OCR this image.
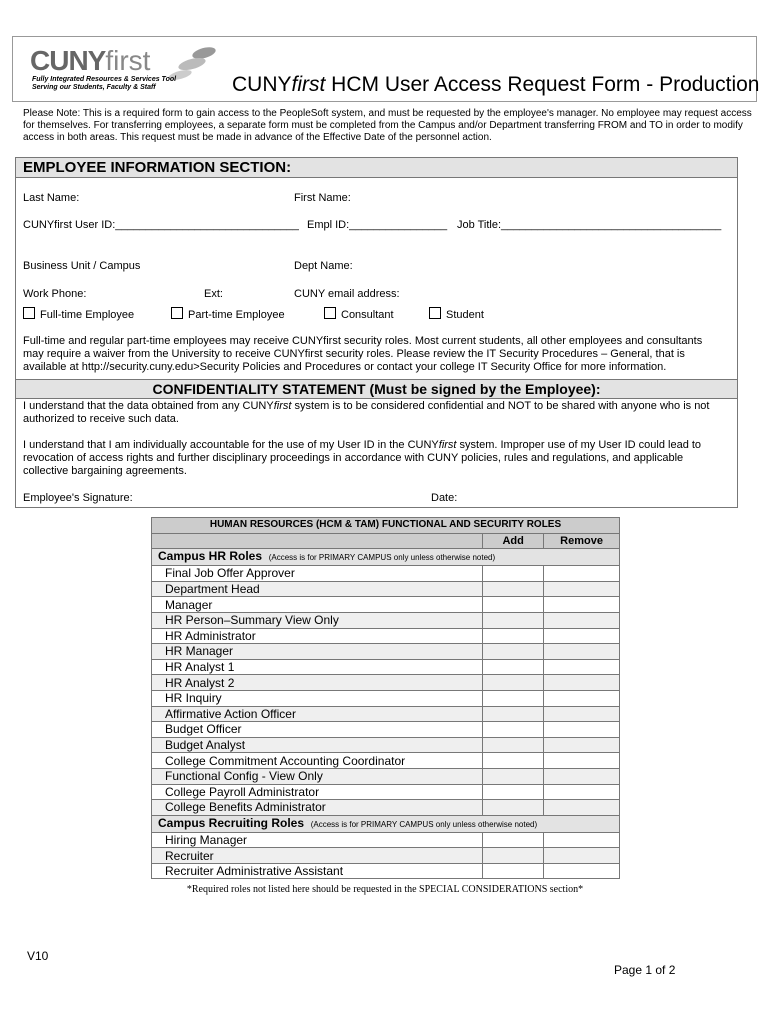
CUNYfirst
Fully Integrated Resources & Services Tool
Serving our Students, Faculty & Staff	CUNYfirst HCM User Access Request Form - Production
Please Note: This is a required form to gain access to the PeopleSoft system, and must be requested by the employee's manager. No employee may request access
for themselves. For transferring employees, a separate form must be completed from the Campus and/or Department transferring FROM and TO in order to modify
access in both areas. This request must be made in advance of the Effective Date of the personnel action.
EMPLOYEE INFORMATION SECTION:
Last Name:	First Name:
CUNYfirst User ID:______________________________ Empl ID:________________ Job Title:____________________________________
Business Unit / Campus	Dept Name:
Work Phone:	Ext:	CUNY email address:
Full-time Employee	Part-time Employee	Consultant	Student
Full-time and regular part-time employees may receive CUNYfirst security roles. Most current students, all other employees and consultants
may require a waiver from the University to receive CUNYfirst security roles. Please review the IT Security Procedures – General, that is
available at http://security.cuny.edu>Security Policies and Procedures or contact your college IT Security Office for more information.
CONFIDENTIALITY STATEMENT (Must be signed by the Employee):
I understand that the data obtained from any CUNYfirst system is to be considered confidential and NOT to be shared with anyone who is not
authorized to receive such data.
I understand that I am individually accountable for the use of my User ID in the CUNYfirst system. Improper use of my User ID could lead to
revocation of access rights and further disciplinary proceedings in accordance with CUNY policies, rules and regulations, and applicable
collective bargaining agreements.
Employee's Signature:	Date:
HUMAN RESOURCES (HCM & TAM) FUNCTIONAL AND SECURITY ROLES		
	Add	Remove
Campus HR Roles (Access is for PRIMARY CAMPUS only unless otherwise noted)		
Final Job Offer Approver		
Department Head		
Manager		
HR Person–Summary View Only		
HR Administrator		
HR Manager		
HR Analyst 1		
HR Analyst 2		
HR Inquiry		
Affirmative Action Officer		
Budget Officer		
Budget Analyst		
College Commitment Accounting Coordinator		
Functional Config - View Only		
College Payroll Administrator		
College Benefits Administrator		
Campus Recruiting Roles (Access is for PRIMARY CAMPUS only unless otherwise noted)		
Hiring Manager		
Recruiter		
Recruiter Administrative Assistant		
*Required roles not listed here should be requested in the SPECIAL CONSIDERATIONS section*
V10
Page 1 of 2
